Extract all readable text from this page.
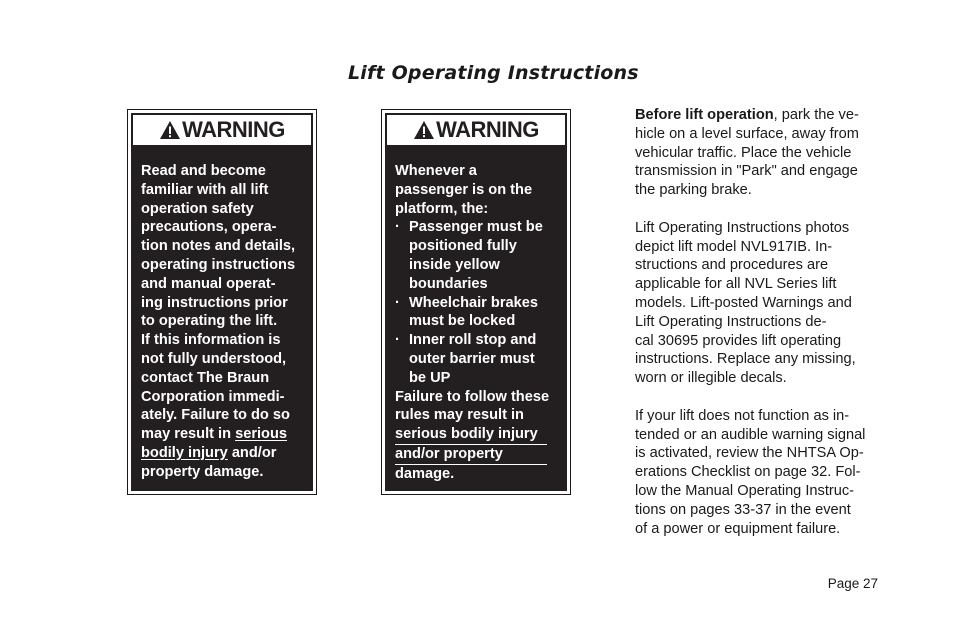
Lift Operating Instructions
WARNING
Read and become
familiar with all lift
operation safety
precautions, opera-
tion notes and details,
operating instructions
and manual operat-
ing instructions prior
to operating the lift.
If this information is
not fully understood,
contact The Braun
Corporation immedi-
ately. Failure to do so
may result in serious
bodily injury and/or
property damage.
WARNING
Whenever a
passenger is on the
platform, the:
· Passenger must be
positioned fully
inside yellow
boundaries
· Wheelchair brakes
must be locked
· Inner roll stop and
outer barrier must
be UP
Failure to follow these
rules may result in
serious bodily injury
and/or property
damage.

Before lift operation, park the ve-
hicle on a level surface, away from
vehicular traffic. Place the vehicle
transmission in "Park" and engage
the parking brake.

Lift Operating Instructions photos
depict lift model NVL917IB. In-
structions and procedures are
applicable for all NVL Series lift
models. Lift-posted Warnings and
Lift Operating Instructions de-
cal 30695 provides lift operating
instructions. Replace any missing,
worn or illegible decals.

If your lift does not function as in-
tended or an audible warning signal
is activated, review the NHTSA Op-
erations Checklist on page 32. Fol-
low the Manual Operating Instruc-
tions on pages 33-37 in the event
of a power or equipment failure.

Page 27
